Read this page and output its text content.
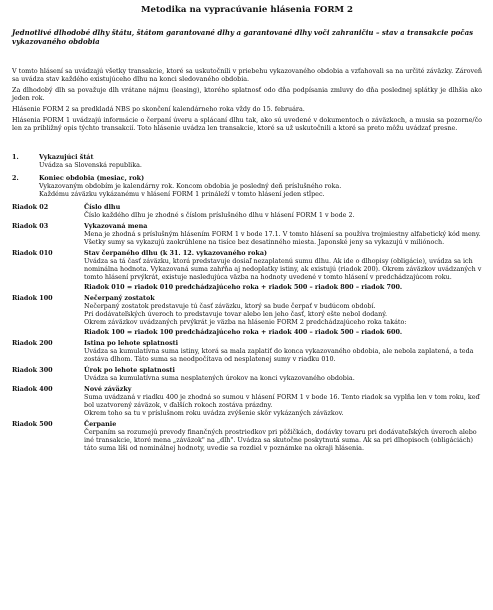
Metodika na vypracúvanie hlásenia FORM 2
Jednotlivé dlhodobé dlhy štátu, štátom garantované dlhy a garantované dlhy voči zahraničiu – stav a transakcie počas vykazovaného obdobia

V tomto hlásení sa uvádzajú všetky transakcie, ktoré sa uskutočnili v priebehu vykazovaného obdobia a vzťahovali sa na určité záväzky. Zároveň sa uvádza stav každého existujúceho dlhu na konci sledovaného obdobia.

Za dlhodobý dlh sa považuje dlh vrátane nájmu (leasing), ktorého splatnosť odo dňa podpísania zmluvy do dňa poslednej splátky je dlhšia ako jeden rok.

Hlásenie FORM 2 sa predkladá NBS po skončení kalendárneho roka vždy do 15. februára.

Hlásenia FORM 1 uvádzajú informácie o čerpaní úveru a splácaní dlhu tak, ako sú uvedené v dokumentoch o záväzkoch, a musia sa pozorne/čo len za približný opis týchto transakcií. Toto hlásenie uvádza len transakcie, ktoré sa už uskutočnili a ktoré sa preto môžu uvádzať presne.

1.	Vykazujúci štát
Uvádza sa Slovenská republika.
2.	Koniec obdobia (mesiac, rok)
Vykazovaným obdobím je kalendárny rok. Koncom obdobia je posledný deň príslušného roka.
Každému záväzku vykázanému v hlásení FORM 1 prináleží v tomto hlásení jeden stĺpec.
Riadok 02	Číslo dlhu

Číslo každého dlhu je zhodné s číslom príslušného dlhu v hlásení FORM 1 v bode 2.

Riadok 03	Vykazovaná mena

Mena je zhodná s príslušným hlásením FORM 1 v bode 17.1. V tomto hlásení sa používa trojmiestny alfabetický kód meny.

Všetky sumy sa vykazujú zaokrúhlene na tisíce bez desatinného miesta. Japonské jeny sa vykazujú v miliónoch.

Riadok 010	Stav čerpaného dlhu (k 31. 12. vykazovaného roka)

Uvádza sa tá časť záväzku, ktorá predstavuje dosiaľ nezaplatenú sumu dlhu. Ak ide o dlhopisy (obligácie), uvádza sa ich nominálna hodnota. Vykazovaná suma zahŕňa aj nedoplatky istiny, ak existujú (riadok 200). Okrem záväzkov uvádzaných v tomto hlásení prvýkrát, existuje nasledujúca väzba na hodnoty uvedené v tomto hlásení v predchádzajúcom roku.

Riadok 010 = riadok 010 predchádzajúceho roka + riadok 500 – riadok 800 – riadok 700.
Riadok 100	Nečerpaný zostatok

Nečerpaný zostatok predstavuje tú časť záväzku, ktorý sa bude čerpať v budúcom období.

Pri dodávateľských úveroch to predstavuje tovar alebo len jeho časť, ktorý ešte nebol dodaný.

Okrem záväzkov uvádzaných prvýkrát je väzba na hlásenie FORM 2 predchádzajúceho roka takáto:

Riadok 100 = riadok 100 predchádzajúceho roka + riadok 400 – riadok 500 – riadok 600.
Riadok 200	Istina po lehote splatnosti

Uvádza sa kumulatívna suma istiny, ktorá sa mala zaplatiť do konca vykazovaného obdobia, ale nebola zaplatená, a teda zostáva dlhom. Táto suma sa neodpočítava od nesplatenej sumy v riadku 010.

Riadok 300	Úrok po lehote splatnosti

Uvádza sa kumulatívna suma nesplatených úrokov na konci vykazovaného obdobia.

Riadok 400	Nové záväzky

Suma uvádzaná v riadku 400 je zhodná so sumou v hlásení FORM 1 v bode 16. Tento riadok sa vyplňa len v tom roku, keď bol uzatvorený záväzok, v ďalších rokoch zostáva prázdny.

Okrem toho sa tu v príslušnom roku uvádza zvýšenie skôr vykázaných záväzkov.

Riadok 500	Čerpanie

Čerpaním sa rozumejú prevody finančných prostriedkov pri pôžičkách, dodávky tovaru pri dodávateľských úveroch alebo iné transakcie, ktoré mena „záväzok" na „dlh". Uvádza sa skutočne poskytnutá suma. Ak sa pri dlhopisoch (obligáciách) táto suma líši od nominálnej hodnoty, uvedie sa rozdiel v poznámke na okraji hlásenia.
